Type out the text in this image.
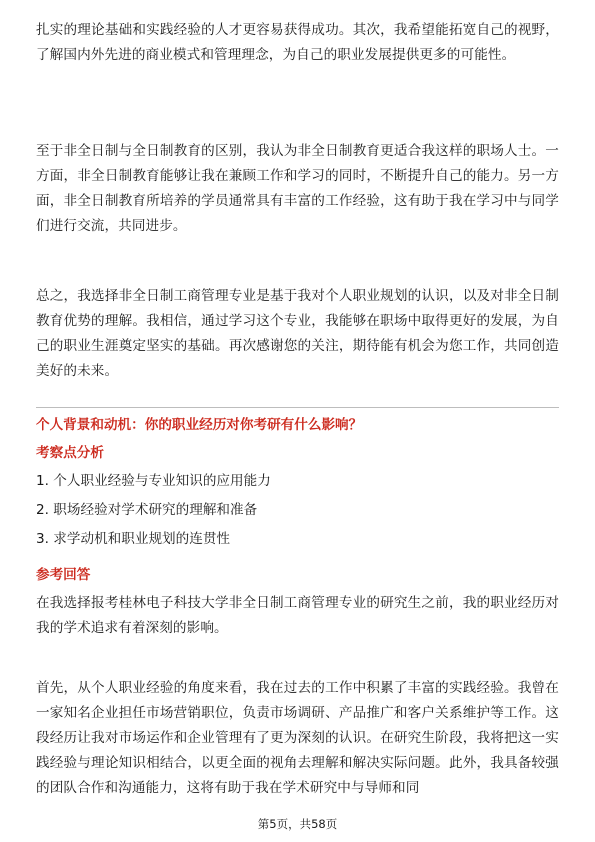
扎实的理论基础和实践经验的人才更容易获得成功。其次，我希望能拓宽自己的视野，了解国内外先进的商业模式和管理理念，为自己的职业发展提供更多的可能性。

至于非全日制与全日制教育的区别，我认为非全日制教育更适合我这样的职场人士。一方面，非全日制教育能够让我在兼顾工作和学习的同时，不断提升自己的能力。另一方面，非全日制教育所培养的学员通常具有丰富的工作经验，这有助于我在学习中与同学们进行交流，共同进步。

总之，我选择非全日制工商管理专业是基于我对个人职业规划的认识，以及对非全日制教育优势的理解。我相信，通过学习这个专业，我能够在职场中取得更好的发展，为自己的职业生涯奠定坚实的基础。再次感谢您的关注，期待能有机会为您工作，共同创造美好的未来。

个人背景和动机：你的职业经历对你考研有什么影响？

考察点分析

1. 个人职业经验与专业知识的应用能力
2. 职场经验对学术研究的理解和准备
3. 求学动机和职业规划的连贯性

参考回答

在我选择报考桂林电子科技大学非全日制工商管理专业的研究生之前，我的职业经历对我的学术追求有着深刻的影响。

首先，从个人职业经验的角度来看，我在过去的工作中积累了丰富的实践经验。我曾在一家知名企业担任市场营销职位，负责市场调研、产品推广和客户关系维护等工作。这段经历让我对市场运作和企业管理有了更为深刻的认识。在研究生阶段，我将把这一实践经验与理论知识相结合，以更全面的视角去理解和解决实际问题。此外，我具备较强的团队合作和沟通能力，这将有助于我在学术研究中与导师和同

第5页，共58页
